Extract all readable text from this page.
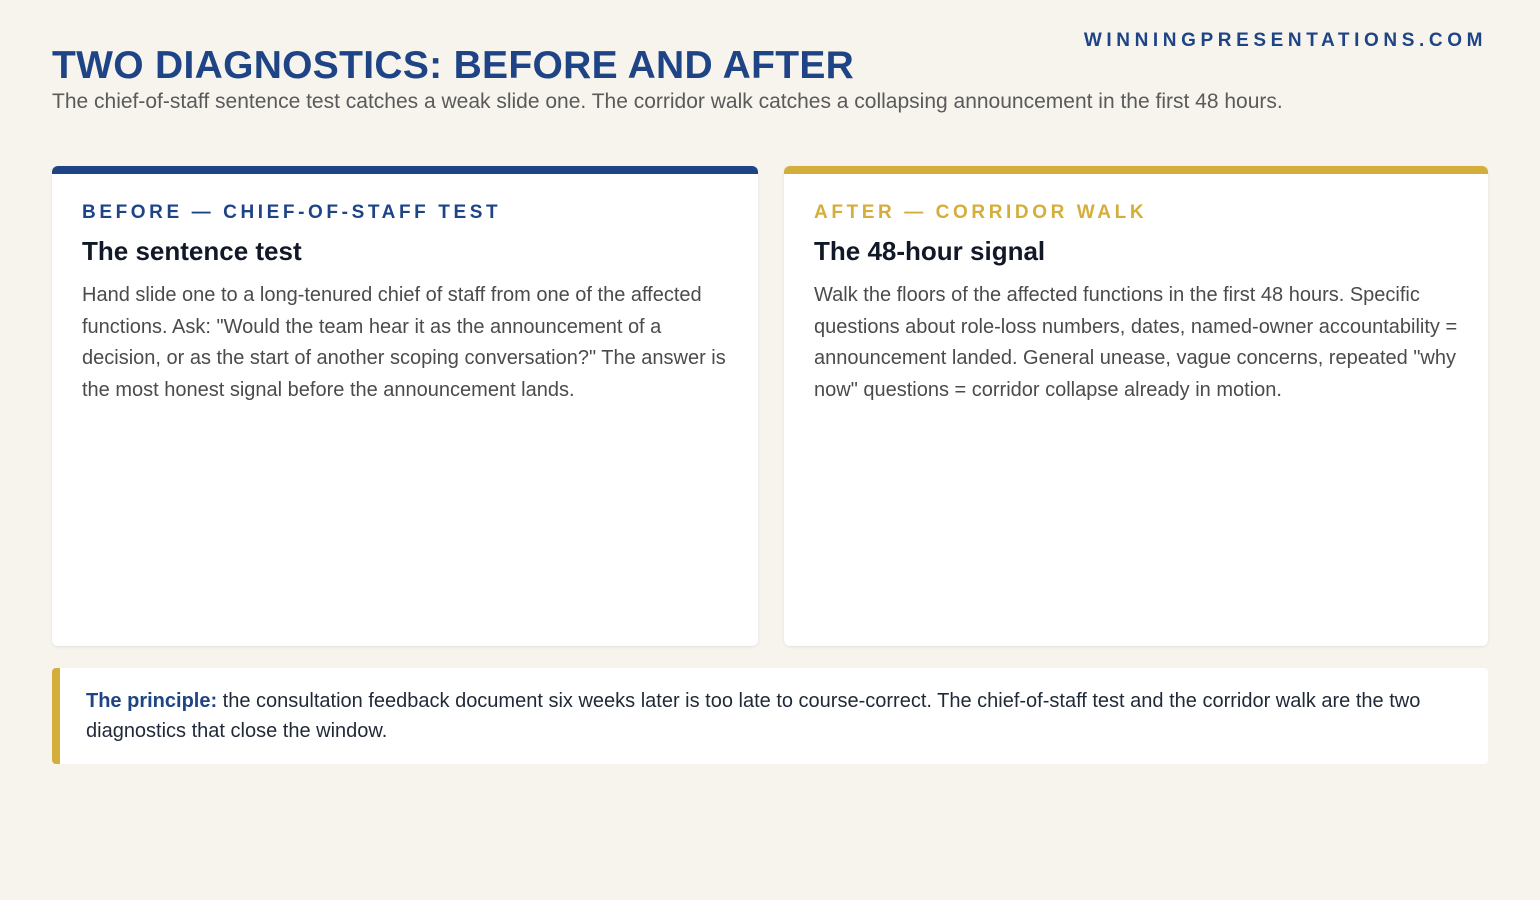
WINNINGPRESENTATIONS.COM
TWO DIAGNOSTICS: BEFORE AND AFTER

The chief-of-staff sentence test catches a weak slide one. The corridor walk catches a collapsing announcement in the first 48 hours.

BEFORE — CHIEF-OF-STAFF TEST
The sentence test

Hand slide one to a long-tenured chief of staff from one of the affected functions. Ask: "Would the team hear it as the announcement of a decision, or as the start of another scoping conversation?" The answer is the most honest signal before the announcement lands.

AFTER — CORRIDOR WALK
The 48-hour signal

Walk the floors of the affected functions in the first 48 hours. Specific questions about role-loss numbers, dates, named-owner accountability = announcement landed. General unease, vague concerns, repeated "why now" questions = corridor collapse already in motion.

The principle: the consultation feedback document six weeks later is too late to course-correct. The chief-of-staff test and the corridor walk are the two diagnostics that close the window.
